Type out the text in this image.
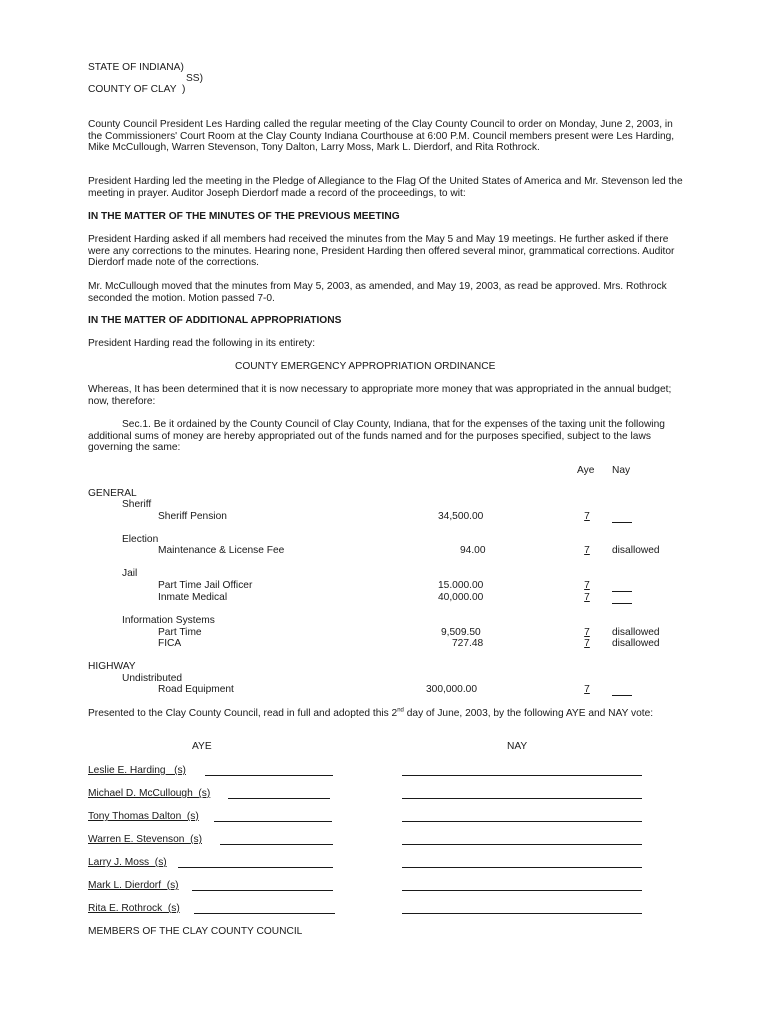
STATE OF INDIANA)
SS)
COUNTY OF CLAY  )
County Council President Les Harding called the regular meeting of the Clay County Council to order on Monday, June 2, 2003, in the Commissioners' Court Room at the Clay County Indiana Courthouse at 6:00 P.M. Council members present were Les Harding, Mike McCullough, Warren Stevenson, Tony Dalton, Larry Moss, Mark L. Dierdorf, and Rita Rothrock.
President Harding led the meeting in the Pledge of Allegiance to the Flag Of the United States of America and Mr. Stevenson led the meeting in prayer. Auditor Joseph Dierdorf made a record of the proceedings, to wit:
IN THE MATTER OF THE MINUTES OF THE PREVIOUS MEETING
President Harding asked if all members had received the minutes from the May 5 and May 19 meetings. He further asked if there were any corrections to the minutes. Hearing none, President Harding then offered several minor, grammatical corrections. Auditor Dierdorf made note of the corrections.
Mr. McCullough moved that the minutes from May 5, 2003, as amended, and May 19, 2003, as read be approved. Mrs. Rothrock seconded the motion. Motion passed 7-0.
IN THE MATTER OF ADDITIONAL APPROPRIATIONS
President Harding read the following in its entirety:
COUNTY EMERGENCY APPROPRIATION ORDINANCE
Whereas, It has been determined that it is now necessary to appropriate more money that was appropriated in the annual budget; now, therefore:
Sec.1. Be it ordained by the County Council of Clay County, Indiana, that for the expenses of the taxing unit the following additional sums of money are hereby appropriated out of the funds named and for the purposes specified, subject to the laws governing the same:
Aye Nay
GENERAL
Sheriff
Sheriff Pension	34,500.00	7
Election
Maintenance & License Fee	94.00	7	disallowed
Jail
Part Time Jail Officer	15.000.00	7
Inmate Medical	40,000.00	7
Information Systems
Part Time	9,509.50	7	disallowed
FICA	727.48	7	disallowed
HIGHWAY
Undistributed
Road Equipment	300,000.00	7
Presented to the Clay County Council, read in full and adopted this 2nd day of June, 2003, by the following AYE and NAY vote:
AYE	NAY
Leslie E. Harding   (s)
Michael D. McCullough  (s)
Tony Thomas Dalton  (s)
Warren E. Stevenson  (s)
Larry J. Moss  (s)
Mark L. Dierdorf  (s)
Rita E. Rothrock  (s)
MEMBERS OF THE CLAY COUNTY COUNCIL
